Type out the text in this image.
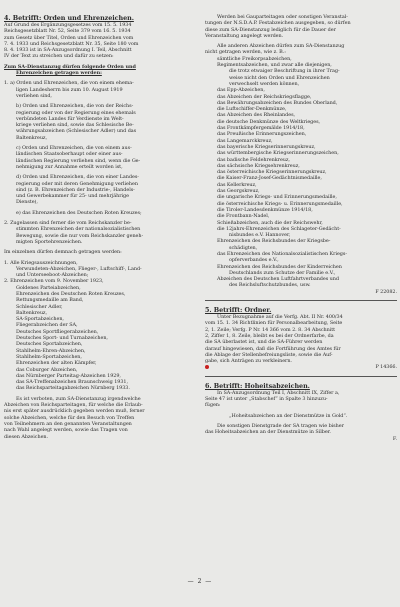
4. Betrifft: Orden und Ehrenzeichen.

Auf Grund des Ergänzungsgesetzes vom 15. 5. 1934

Reichsgesetzblatt Nr. 52, Seite 379 vom 16. 5. 1934

zum Gesetz über Titel, Orden und Ehrenzeichen vom

7. 4. 1933 und Reichsgesetzblatt Nr. 35, Seite 180 vom

8. 4. 1933 ist in SA-Anzugsordnung I. Teil, Abschnitt

IV der Text zu streichen und dafür zu setzen:

Zum SA-Dienstanzug dürfen folgende Orden und

Ehrenzeichen getragen werden:

1. a) Orden und Ehrenzeichen, die von einem ehema-

ligen Landesherrn bis zum 10. August 1919

verliehen sind,

b) Orden und Ehrenzeichen, die von der Reichs-

regierung oder von der Regierung eines ehemals

verbündeten Landes für Verdienste im Welt-

kriege verliehen sind, sowie das Schlesische Be-

währungsabzeichen (Schlesischer Adler) und das

Baltenkreuz,

c) Orden und Ehrenzeichen, die von einem aus-

ländischen Staatsoberhaupt oder einer aus-

ländischen Regierung verliehen sind, wenn die Ge-

nehmigung zur Annahme erteilt worden ist,

d) Orden und Ehrenzeichen, die von einer Landes-

regierung oder mit deren Genehmigung verliehen

sind (z. B. Ehrenzeichen der Industrie-, Handels-

und Gewerbekammer für 25- und mehrjährige

Dienste),

e) das Ehrenzeichen des Deutschen Roten Kreuzes;

2. Zugelassen sind ferner die vom Reichskanzler be-

stimmten Ehrenzeichen der nationalsozialistischen

Bewegung, sowie die nur vom Reichskanzler geneh-

migten Sportehrenzeichen.

Im einzelnen dürfen demnach getragen werden:

1. Alle Kriegsauszeichnungen,

Verwundeten-Abzeichen, Flieger-, Luftschiff-, Land-

und Unterseeboot-Abzeichen;

2. Ehrenzeichen vom 9. November 1923,

Goldenes Parteiabzeichen,

Ehrenzeichen des Deutschen Roten Kreuzes,

Rettungsmedaille am Band,

Schlesischer Adler,

Baltenkreuz,

SA-Sportabzeichen,

Fliegerabzeichen der SA,

Deutsches Sportfliegerabzeichen,

Deutsches Sport- und Turnabzeichen,

Deutsches Sportabzeichen,

Stahlhelm-Ehren-Abzeichen,

Stahlhelm-Sportabzeichen,

Ehrenzeichen der alten Kämpfer,

das Coburger Abzeichen,

das Nürnberger Parteitag-Abzeichen 1929,

das SA-Treffenabzeichen Braunschweig 1931,

das Reichsparteitagabzeichen Nürnberg 1933.

Es ist verboten, zum SA-Dienstanzug irgendwelche

Abzeichen von Reichsparteitagen, für welche die Erlaub-

nis erst später ausdrücklich gegeben werden muß, ferner

solche Abzeichen, welche für den Besuch von Treffen

von Teilnehmern an den genannten Veranstaltungen

nach Wahl angelegt werden, sowie das Tragen von

diesen Abzeichen.

Werden bei Gauparteitagen oder sonstigen Veranstal-

tungen der N.S.D.A.P. Festabzeichen ausgegeben, so dürfen

diese zum SA-Dienstanzug lediglich für die Dauer der

Veranstaltung angelegt werden.

Alle anderen Abzeichen dürfen zum SA-Dienstanzug

nicht getragen werden, wie z. B.:

sämtliche Freikorpsabzeichen,

Regimentsabzeichen, und zwar alle diejenigen,

die trotz etwaiger Beschriftung in ihrer Trag-

weise nicht den Orden und Ehrenzeichen

verwechselt werden können,

das Epp-Abzeichen,

das Abzeichen der Reichskriegsflagge,

das Bewährungsabzeichen des Bundes Oberland,

die Luftschiffer-Denkmünze,

das Abzeichen des Rheinlandes,

die deutsche Denkmünze des Weltkrieges,

das Frontkämpfergemälde 1914/18,

das Preußische Erinnerungszeichen,

das Langemarckkreuz,

das bayerische Kriegserinnerungskreuz,

das württembergische Kriegserinnerungszeichen,

das badische Feldehrenkreuz,

das sächsische Kriegsehrenkreuz,

das österreichische Kriegserinnerungskreuz,

die Kaiser-Franz-Josef-Gedächtnismedaille,

das Kellerkreuz,

das Georgskreuz,

die ungarische Kriegs- und Erinnerungsmedaille,

die österreichische Kriegs- u. Erinnerungsmedaille,

die Tiroler-Landesdenkmünze 1914/18,

die Frontbann-Nadel,

Schießabzeichen, auch die der Reichswehr,

die 12jahrs-Ehrenzeichen des Schlageter-Gedächt-

nisbundes e.V. Hannover,

Ehrenzeichen des Reichsbundes der Kriegsbe-

schädigten,

das Ehrenzeichen des Nationalsozialistischen Kriegs-

opferverbandes e.V.,

Ehrenzeichen des Reichsbundes der Kinderreichen

Deutschlands zum Schutze der Familie e.V.,

Abzeichen des Deutschen Luftfahrtverbandes und

des Reichsluftschutzbundes, usw.

F 22082.

5. Betrifft: Ordner.

Unter Bezugnahme auf die Verfg. Abt. II Nr. 400/34

vom 15. 1. 34 Richtlinien für Personalbearbeitung, Seite

2, 1. Zeile; Verfg. P Nr. 14 366 vom 2. 8. 34 Abschnitt

2, Ziffer 1, 8. Zeile, bleibt es bei der Ordnerfarbe, da

die SA überlastet ist, und die SA-Führer werden

darauf hingewiesen, daß die Fortführung des Amtes für

die Ablage der Stellenbefreiungsliste, sowie die Auf-

gabe, sich Anträgen zu verkleinern.

P 14366.

6. Betrifft: Hoheitsabzeichen.

In SA-Anzugsordnung Teil I, Abschnitt IX, Ziffer a,

Seite 47 ist unter „Stabschef“ in Spalte 3 hinzuzu-

fügen:

„Hoheitsabzeichen an der Dienstmütze in Gold“.

Die sonstigen Dienstgrade der SA tragen wie bisher

das Hoheitsabzeichen an der Dienstmütze in Silber.

F.

— 2 —
